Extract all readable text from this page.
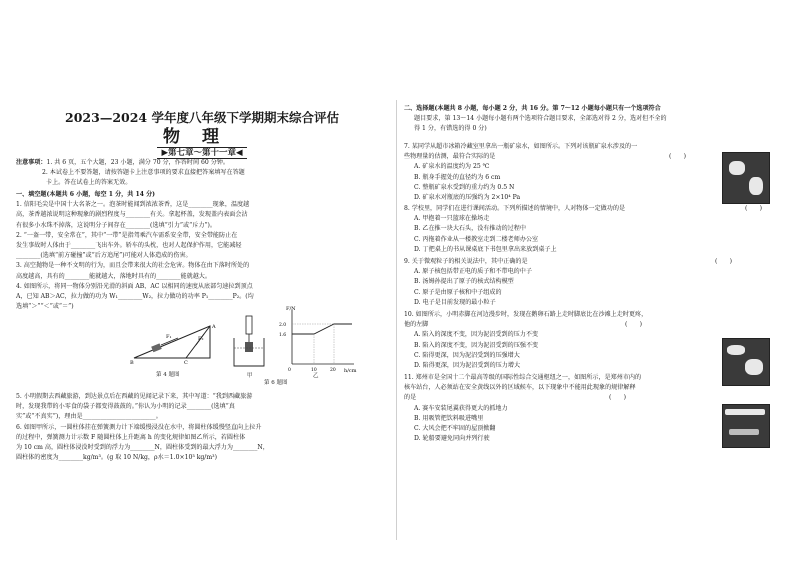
2023—2024 学年度八年级下学期期末综合评估
物理
▶第七章～第十一章◀

注意事项：1. 共 6 页，五个大题，23 小题，满分 70 分，作答时间 60 分钟。

2. 本试卷上不要答题，请按答题卡上注意事项的要求直接把答案填写在答题

卡上。答在试卷上的答案无效。

一、填空题(本题共 6 小题，每空 1 分，共 14 分)

1. 信阳毛尖是中国十大名茶之一。泡茶时能闻到浓浓茶香，这是________现象，温度越

高，茶香越浓说明这种现象的剧烈程度与________有关。拿起杯盖，发现盖内表面会沾

有很多小水珠不掉落，这说明分子间存在________(选填“引力”或“斥力”)。

2. “一盔一带，安全常在”，其中“一带”是指驾乘汽车需系安全带，安全带能防止在

发生事故时人体由于________飞出车外。轿车的头枕，也对人起保护作用，它能减轻

________(选填“前方碰撞”或“后方追尾”)可能对人体造成的伤害。

3. 高空抛物是一种不文明的行为，而且会带来很大的社会危害。物体在由下落时所处的

高度越高，具有的________能就越大，落地时具有的________能就越大。

4. 如图所示，将同一物体分别沿光滑的斜面 AB、AC 以相同的速度从底部匀速拉到顶点

A，已知 AB＞AC，拉力做的功为 W₁________W₂，拉力做功的功率 P₁________P₂。(均

选填“＞”“＜”或“＝”)

B	C
A
F₁	F₂
第 4 题图	甲
F/N
h/cm
2.0
1.6
0	10	20
乙
第 6 题图

5. 小明假期去西藏旅游，到达景点后在西藏的见闻记录下来，其中写道：“我到西藏旅游

时，发现我带的小零食的袋子都变得鼓鼓的。”你认为小明的记录________(选填“真

实”或“不真实”)，理由是________________________。

6. 如图甲所示，一圆柱体挂在弹簧测力计下端缓慢浸没在水中，将圆柱体缓慢竖直向上拉升

的过程中，弹簧测力计示数 F 随圆柱体上升距离 h 的变化规律如图乙所示，若圆柱体

为 10 cm 高，圆柱体浸没时受到的浮力为________N，圆柱体受到的最大浮力为________N，

圆柱体的密度为________kg/m³。(g 取 10 N/kg，ρ水＝1.0×10³ kg/m³)

二、选择题(本题共 8 小题，每小题 2 分，共 16 分。第 7～12 小题每小题只有一个选项符合

题目要求，第 13～14 小题每小题有两个选项符合题目要求，全部选对得 2 分，选对但不全的

得 1 分，有错选的得 0 分)

7. 某同学从超市冰箱冷藏室里拿出一瓶矿泉水，如图所示。下列对该瓶矿泉水涉及的一

些物理量的估测，最符合实际的是	(　　)

A. 矿泉水的温度约为 25 ℃

B. 瓶身手握处的直径约为 6 cm

C. 整瓶矿泉水受到的重力约为 0.5 N

D. 矿泉水对瓶底的压强约为 2×10⁴ Pa

8. 学校里，同学们在进行课间活动。下列所描述的情境中，人对物体一定做功的是	(　　)

A. 甲抱着一只篮球在操场走

B. 乙在推一块大石头，没有推动的过程中

C. 丙拖着作业从一楼教室走到二楼老师办公室

D. 丁把桌上的书从课桌底下书包里拿出来放到桌子上

9. 关于微观粒子的相关说法中，其中正确的是	(　　)

A. 原子核包括带正电的质子和不带电的中子

B. 汤姆孙提出了原子的核式结构模型

C. 原子是由原子核和中子组成的

D. 电子是目前发现的最小粒子

10. 如图所示，小明赤脚在河边漫步时，发现在鹅卵石路上走时脚底比在沙滩上走时更疼，

他的左脚	(　　)

A. 陷入的深度不变，因为泥沼受到的压力不变

B. 陷入的深度不变，因为泥沼受到的压强不变

C. 陷得更深，因为泥沼受到的压强增大

D. 陷得更深，因为泥沼受到的压力增大

11. 郑州市是全国十二个最高等级的国际性综合交通枢纽之一，如图所示，是郑州市内的

核车站台，人必须站在安全黄线以外的区域候车，以下现象中不能用此现象的规律解释

的是	(　　)

A. 赛车安装尾翼获得更大的抓地力

B. 用吸管把饮料吸进嘴里

C. 大风会把不牢固的屋顶掀翻

D. 轮船要避免同向并列行驶
